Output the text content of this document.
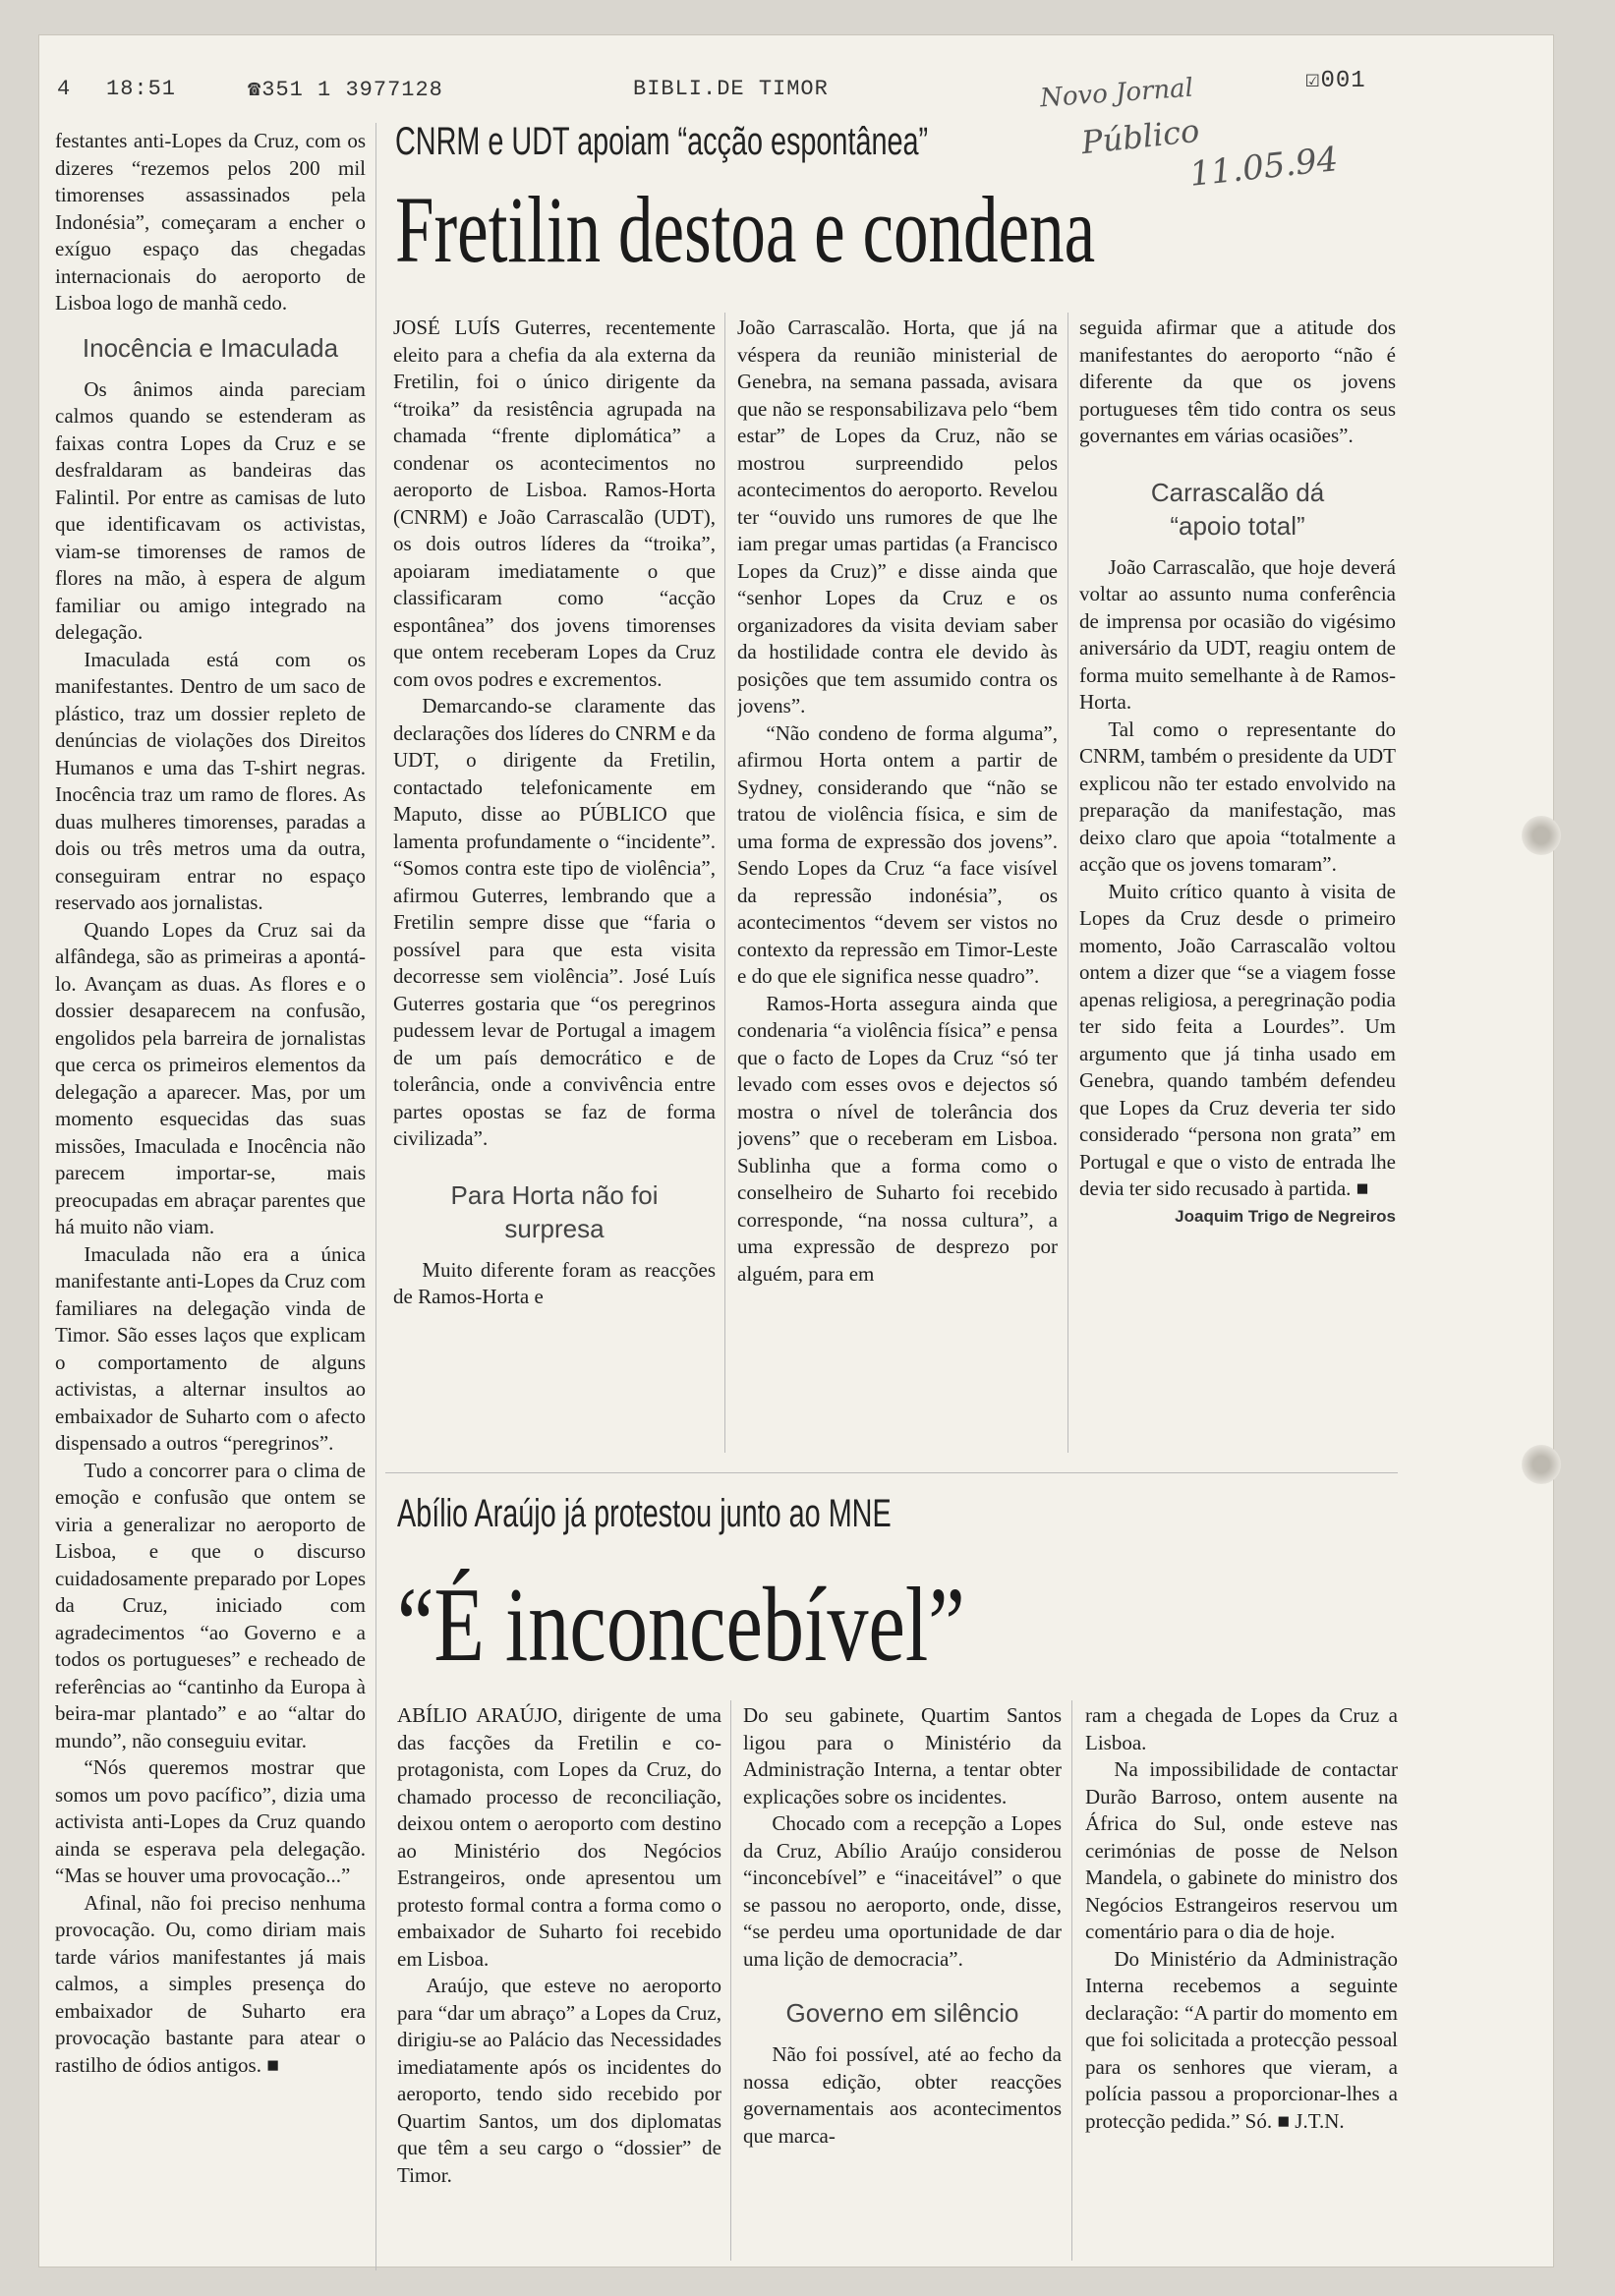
4 18:51	☎351 1 3977128	BIBLI.DE TIMOR	☑001
Novo Jornal
Público
11.05.94

festantes anti-Lopes da Cruz, com os dizeres “rezemos pelos 200 mil timorenses assassinados pela Indonésia”, começaram a encher o exíguo espaço das chegadas internacionais do aeroporto de Lisboa logo de manhã cedo.

Inocência e Imaculada

Os ânimos ainda pareciam calmos quando se estenderam as faixas contra Lopes da Cruz e se desfraldaram as bandeiras das Falintil. Por entre as camisas de luto que identificavam os activistas, viam-se timorenses de ramos de flores na mão, à espera de algum familiar ou amigo integrado na delegação.

Imaculada está com os manifestantes. Dentro de um saco de plástico, traz um dossier repleto de denúncias de violações dos Direitos Humanos e uma das T-shirt negras. Inocência traz um ramo de flores. As duas mulheres timorenses, paradas a dois ou três metros uma da outra, conseguiram entrar no espaço reservado aos jornalistas.

Quando Lopes da Cruz sai da alfândega, são as primeiras a apontá-lo. Avançam as duas. As flores e o dossier desaparecem na confusão, engolidos pela barreira de jornalistas que cerca os primeiros elementos da delegação a aparecer. Mas, por um momento esquecidas das suas missões, Imaculada e Inocência não parecem importar-se, mais preocupadas em abraçar parentes que há muito não viam.

Imaculada não era a única manifestante anti-Lopes da Cruz com familiares na delegação vinda de Timor. São esses laços que explicam o comportamento de alguns activistas, a alternar insultos ao embaixador de Suharto com o afecto dispensado a outros “peregrinos”.

Tudo a concorrer para o clima de emoção e confusão que ontem se viria a generalizar no aeroporto de Lisboa, e que o discurso cuidadosamente preparado por Lopes da Cruz, iniciado com agradecimentos “ao Governo e a todos os portugueses” e recheado de referências ao “cantinho da Europa à beira-mar plantado” e ao “altar do mundo”, não conseguiu evitar.

“Nós queremos mostrar que somos um povo pacífico”, dizia uma activista anti-Lopes da Cruz quando ainda se esperava pela delegação. “Mas se houver uma provocação...”

Afinal, não foi preciso nenhuma provocação. Ou, como diriam mais tarde vários manifestantes já mais calmos, a simples presença do embaixador de Suharto era provocação bastante para atear o rastilho de ódios antigos. ■

CNRM e UDT apoiam “acção espontânea”
Fretilin destoa e condena

JOSÉ LUÍS Guterres, recentemente eleito para a chefia da ala externa da Fretilin, foi o único dirigente da “troika” da resistência agrupada na chamada “frente diplomática” a condenar os acontecimentos no aeroporto de Lisboa. Ramos-Horta (CNRM) e João Carrascalão (UDT), os dois outros líderes da “troika”, apoiaram imediatamente o que classificaram como “acção espontânea” dos jovens timorenses que ontem receberam Lopes da Cruz com ovos podres e excrementos.

Demarcando-se claramente das declarações dos líderes do CNRM e da UDT, o dirigente da Fretilin, contactado telefonicamente em Maputo, disse ao PÚBLICO que lamenta profundamente o “incidente”. “Somos contra este tipo de violência”, afirmou Guterres, lembrando que a Fretilin sempre disse que “faria o possível para que esta visita decorresse sem violência”. José Luís Guterres gostaria que “os peregrinos pudessem levar de Portugal a imagem de um país democrático e de tolerância, onde a convivência entre partes opostas se faz de forma civilizada”.

Para Horta não foi surpresa

Muito diferente foram as reacções de Ramos-Horta e

João Carrascalão. Horta, que já na véspera da reunião ministerial de Genebra, na semana passada, avisara que não se responsabilizava pelo “bem estar” de Lopes da Cruz, não se mostrou surpreendido pelos acontecimentos do aeroporto. Revelou ter “ouvido uns rumores de que lhe iam pregar umas partidas (a Francisco Lopes da Cruz)” e disse ainda que “senhor Lopes da Cruz e os organizadores da visita deviam saber da hostilidade contra ele devido às posições que tem assumido contra os jovens”.

“Não condeno de forma alguma”, afirmou Horta ontem a partir de Sydney, considerando que “não se tratou de violência física, e sim de uma forma de expressão dos jovens”. Sendo Lopes da Cruz “a face visível da repressão indonésia”, os acontecimentos “devem ser vistos no contexto da repressão em Timor-Leste e do que ele significa nesse quadro”.

Ramos-Horta assegura ainda que condenaria “a violência física” e pensa que o facto de Lopes da Cruz “só ter levado com esses ovos e dejectos só mostra o nível de tolerância dos jovens” que o receberam em Lisboa. Sublinha que a forma como o conselheiro de Suharto foi recebido corresponde, “na nossa cultura”, a uma expressão de desprezo por alguém, para em

seguida afirmar que a atitude dos manifestantes do aeroporto “não é diferente da que os jovens portugueses têm tido contra os seus governantes em várias ocasiões”.

Carrascalão dá “apoio total”

João Carrascalão, que hoje deverá voltar ao assunto numa conferência de imprensa por ocasião do vigésimo aniversário da UDT, reagiu ontem de forma muito semelhante à de Ramos-Horta.

Tal como o representante do CNRM, também o presidente da UDT explicou não ter estado envolvido na preparação da manifestação, mas deixo claro que apoia “totalmente a acção que os jovens tomaram”.

Muito crítico quanto à visita de Lopes da Cruz desde o primeiro momento, João Carrascalão voltou ontem a dizer que “se a viagem fosse apenas religiosa, a peregrinação podia ter sido feita a Lourdes”. Um argumento que já tinha usado em Genebra, quando também defendeu que Lopes da Cruz deveria ter sido considerado “persona non grata” em Portugal e que o visto de entrada lhe devia ter sido recusado à partida. ■

Joaquim Trigo de Negreiros

Abílio Araújo já protestou junto ao MNE
“É inconcebível”

ABÍLIO ARAÚJO, dirigente de uma das facções da Fretilin e co-protagonista, com Lopes da Cruz, do chamado processo de reconciliação, deixou ontem o aeroporto com destino ao Ministério dos Negócios Estrangeiros, onde apresentou um protesto formal contra a forma como o embaixador de Suharto foi recebido em Lisboa.

Araújo, que esteve no aeroporto para “dar um abraço” a Lopes da Cruz, dirigiu-se ao Palácio das Necessidades imediatamente após os incidentes do aeroporto, tendo sido recebido por Quartim Santos, um dos diplomatas que têm a seu cargo o “dossier” de Timor.

Do seu gabinete, Quartim Santos ligou para o Ministério da Administração Interna, a tentar obter explicações sobre os incidentes.

Chocado com a recepção a Lopes da Cruz, Abílio Araújo considerou “inconcebível” e “inaceitável” o que se passou no aeroporto, onde, disse, “se perdeu uma oportunidade de dar uma lição de democracia”.

Governo em silêncio

Não foi possível, até ao fecho da nossa edição, obter reacções governamentais aos acontecimentos que marca-

ram a chegada de Lopes da Cruz a Lisboa.

Na impossibilidade de contactar Durão Barroso, ontem ausente na África do Sul, onde esteve nas cerimónias de posse de Nelson Mandela, o gabinete do ministro dos Negócios Estrangeiros reservou um comentário para o dia de hoje.

Do Ministério da Administração Interna recebemos a seguinte declaração: “A partir do momento em que foi solicitada a protecção pessoal para os senhores que vieram, a polícia passou a proporcionar-lhes a protecção pedida.” Só. ■ J.T.N.
